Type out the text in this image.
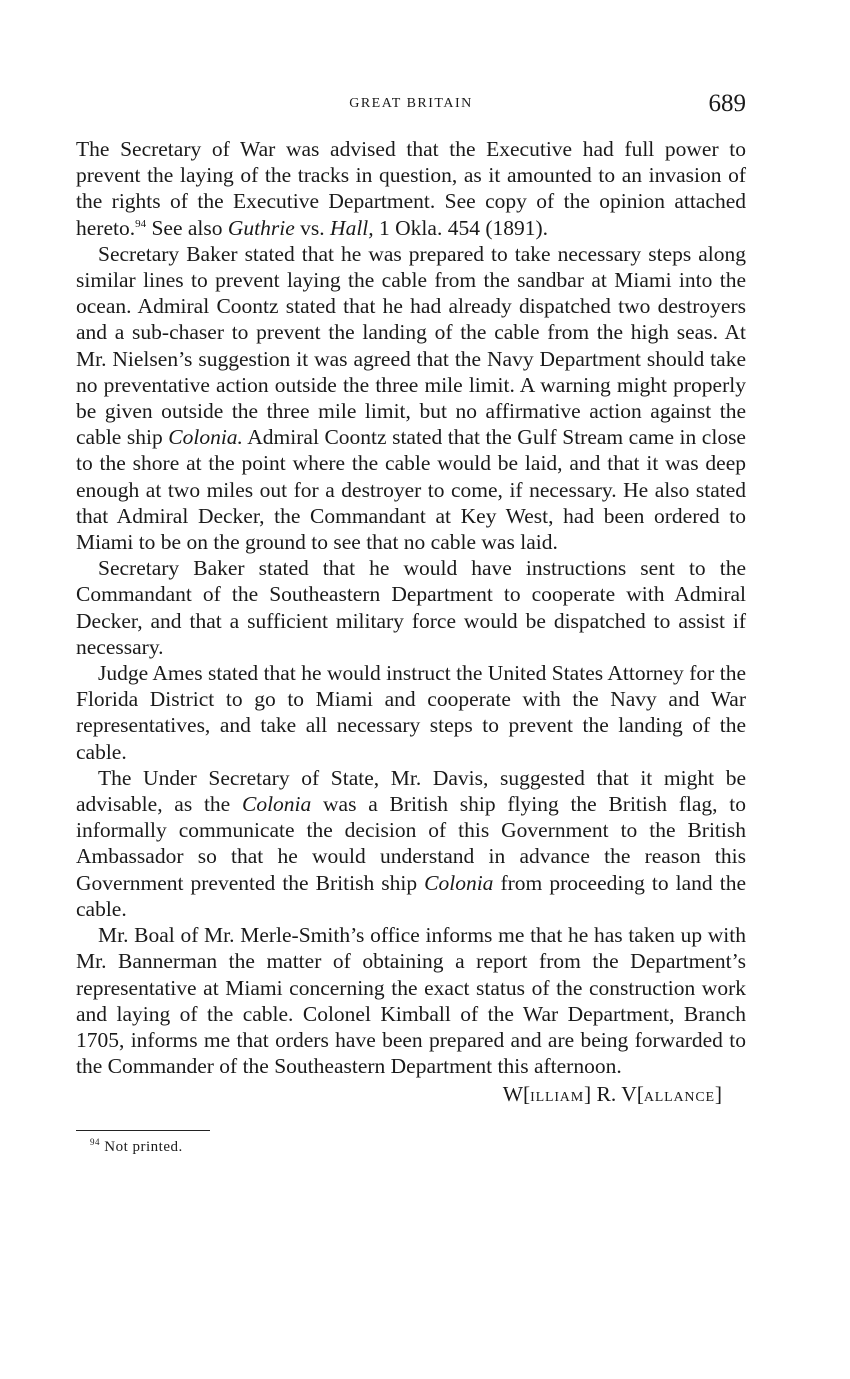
GREAT BRITAIN	689

The Secretary of War was advised that the Executive had full power to prevent the laying of the tracks in question, as it amounted to an invasion of the rights of the Executive Department. See copy of the opinion attached hereto.$^{94}$ See also Guthrie vs. Hall, 1 Okla. 454 (1891).

Secretary Baker stated that he was prepared to take necessary steps along similar lines to prevent laying the cable from the sandbar at Miami into the ocean. Admiral Coontz stated that he had already dispatched two destroyers and a sub-chaser to prevent the landing of the cable from the high seas. At Mr. Nielsen’s suggestion it was agreed that the Navy Department should take no preventative action outside the three mile limit. A warning might properly be given outside the three mile limit, but no affirmative action against the cable ship Colonia. Admiral Coontz stated that the Gulf Stream came in close to the shore at the point where the cable would be laid, and that it was deep enough at two miles out for a destroyer to come, if necessary. He also stated that Admiral Decker, the Commandant at Key West, had been ordered to Miami to be on the ground to see that no cable was laid.

Secretary Baker stated that he would have instructions sent to the Commandant of the Southeastern Department to cooperate with Admiral Decker, and that a sufficient military force would be dispatched to assist if necessary.

Judge Ames stated that he would instruct the United States Attorney for the Florida District to go to Miami and cooperate with the Navy and War representatives, and take all necessary steps to prevent the landing of the cable.

The Under Secretary of State, Mr. Davis, suggested that it might be advisable, as the Colonia was a British ship flying the British flag, to informally communicate the decision of this Government to the British Ambassador so that he would understand in advance the reason this Government prevented the British ship Colonia from proceeding to land the cable.

Mr. Boal of Mr. Merle-Smith’s office informs me that he has taken up with Mr. Bannerman the matter of obtaining a report from the Department’s representative at Miami concerning the exact status of the construction work and laying of the cable. Colonel Kimball of the War Department, Branch 1705, informs me that orders have been prepared and are being forwarded to the Commander of the Southeastern Department this afternoon.

W[ILLIAM] R. V[ALLANCE]
$^{94}$ Not printed.
